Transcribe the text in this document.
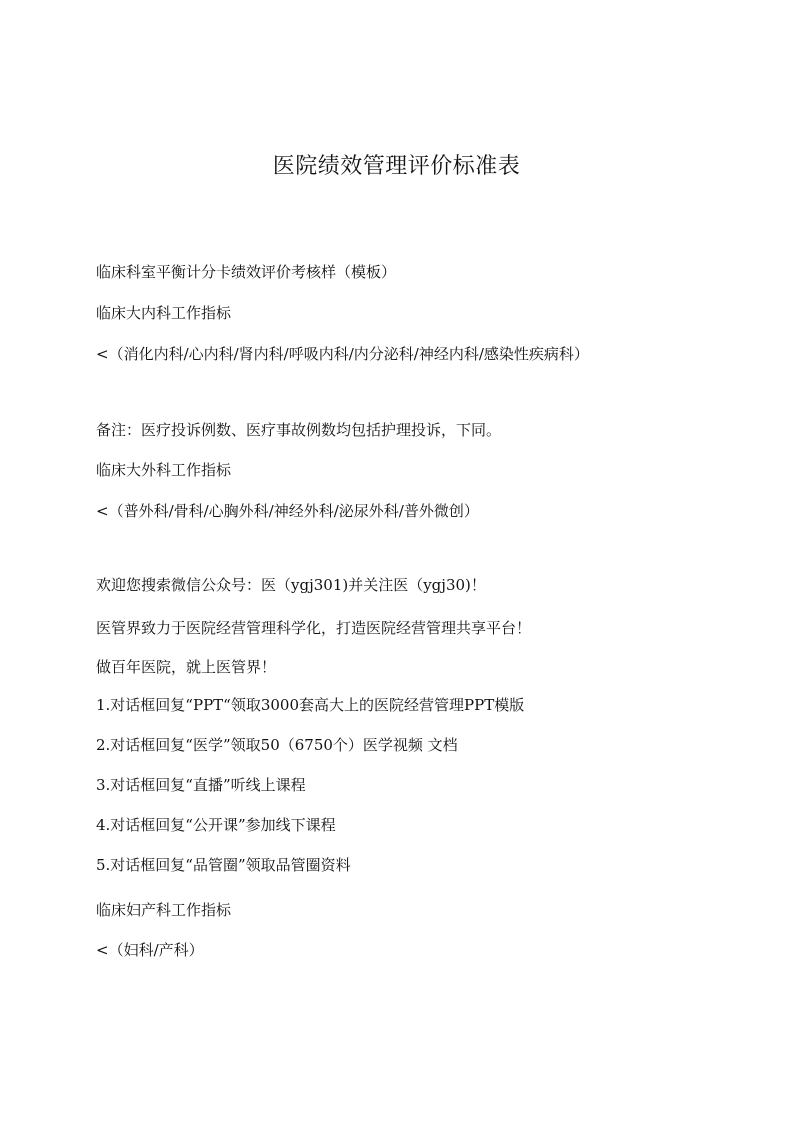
医院绩效管理评价标准表
临床科室平衡计分卡绩效评价考核样（模板）
临床大内科工作指标
<（消化内科/心内科/肾内科/呼吸内科/内分泌科/神经内科/感染性疾病科）
备注：医疗投诉例数、医疗事故例数均包括护理投诉，下同。
临床大外科工作指标
<（普外科/骨科/心胸外科/神经外科/泌尿外科/普外微创）
欢迎您搜索微信公众号：医（ygj301)并关注医（ygj30)！
医管界致力于医院经营管理科学化，打造医院经营管理共享平台！
做百年医院，就上医管界！
1.对话框回复“PPT“领取3000套高大上的医院经营管理PPT模版
2.对话框回复“医学”领取50（6750个）医学视频 文档
3.对话框回复“直播”听线上课程
4.对话框回复“公开课”参加线下课程
5.对话框回复“品管圈”领取品管圈资料
临床妇产科工作指标
<（妇科/产科）
